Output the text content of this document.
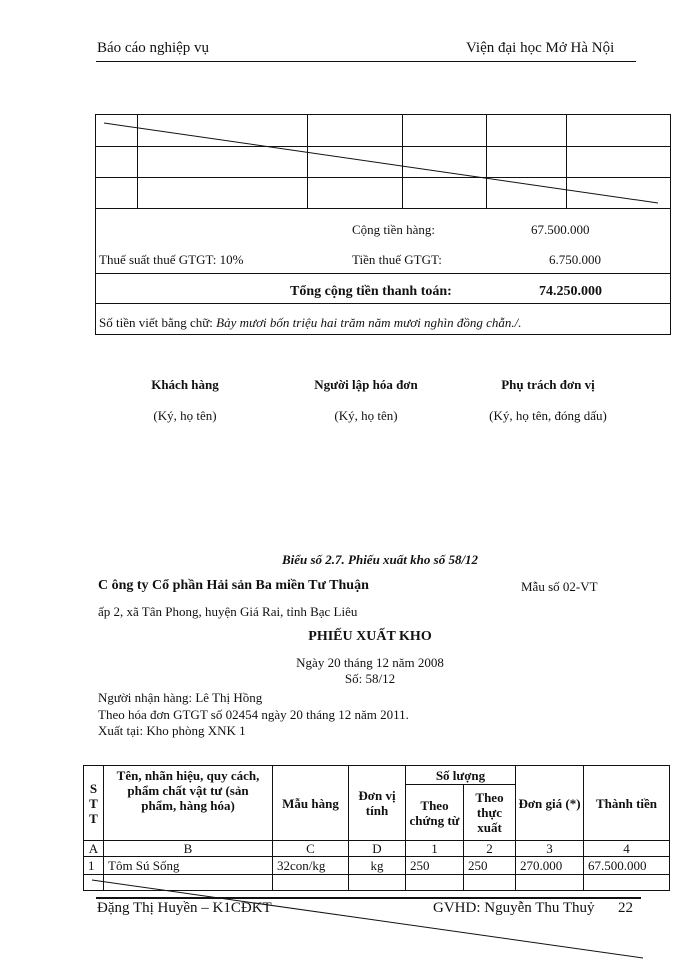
Báo cáo nghiệp vụ	Viện đại học Mở Hà Nội
Cộng tiền hàng:	67.500.000
Thuế suất thuế GTGT: 10%	Tiền thuế GTGT:	6.750.000
Tổng cộng tiền thanh toán:	74.250.000
Số tiền viết bằng chữ: Bảy mươi bốn triệu hai trăm năm mươi nghìn đồng chẵn./.
Khách hàng
(Ký, họ tên)
Người lập hóa đơn
(Ký, họ tên)
Phụ trách đơn vị
(Ký, họ tên, đóng dấu)
Biểu số 2.7. Phiếu xuất kho số 58/12
C ông ty Cổ phần Hải sản Ba miền Tư Thuận	Mẫu số 02-VT
ấp 2, xã Tân Phong, huyện Giá Rai, tỉnh Bạc Liêu
PHIẾU XUẤT KHO
Ngày 20 tháng 12 năm 2008
Số: 58/12
Người nhận hàng: Lê Thị Hồng
Theo hóa đơn GTGT số 02454 ngày 20 tháng 12 năm 2011.
Xuất tại: Kho phòng XNK 1
S
T
T	Tên, nhãn hiệu, quy cách, phẩm chất vật tư (sản phẩm, hàng hóa)	Mẫu hàng	Đơn vị tính	Số lượng		Đơn giá (*)	Thành tiền
				Theo chứng từ	Theo thực xuất		
A	B	C	D	1	2	3	4
1	Tôm Sú Sống	32con/kg	kg	250	250	270.000	67.500.000

Đặng Thị Huyền – K1CĐKT	GVHD: Nguyễn Thu Thuỷ 22
